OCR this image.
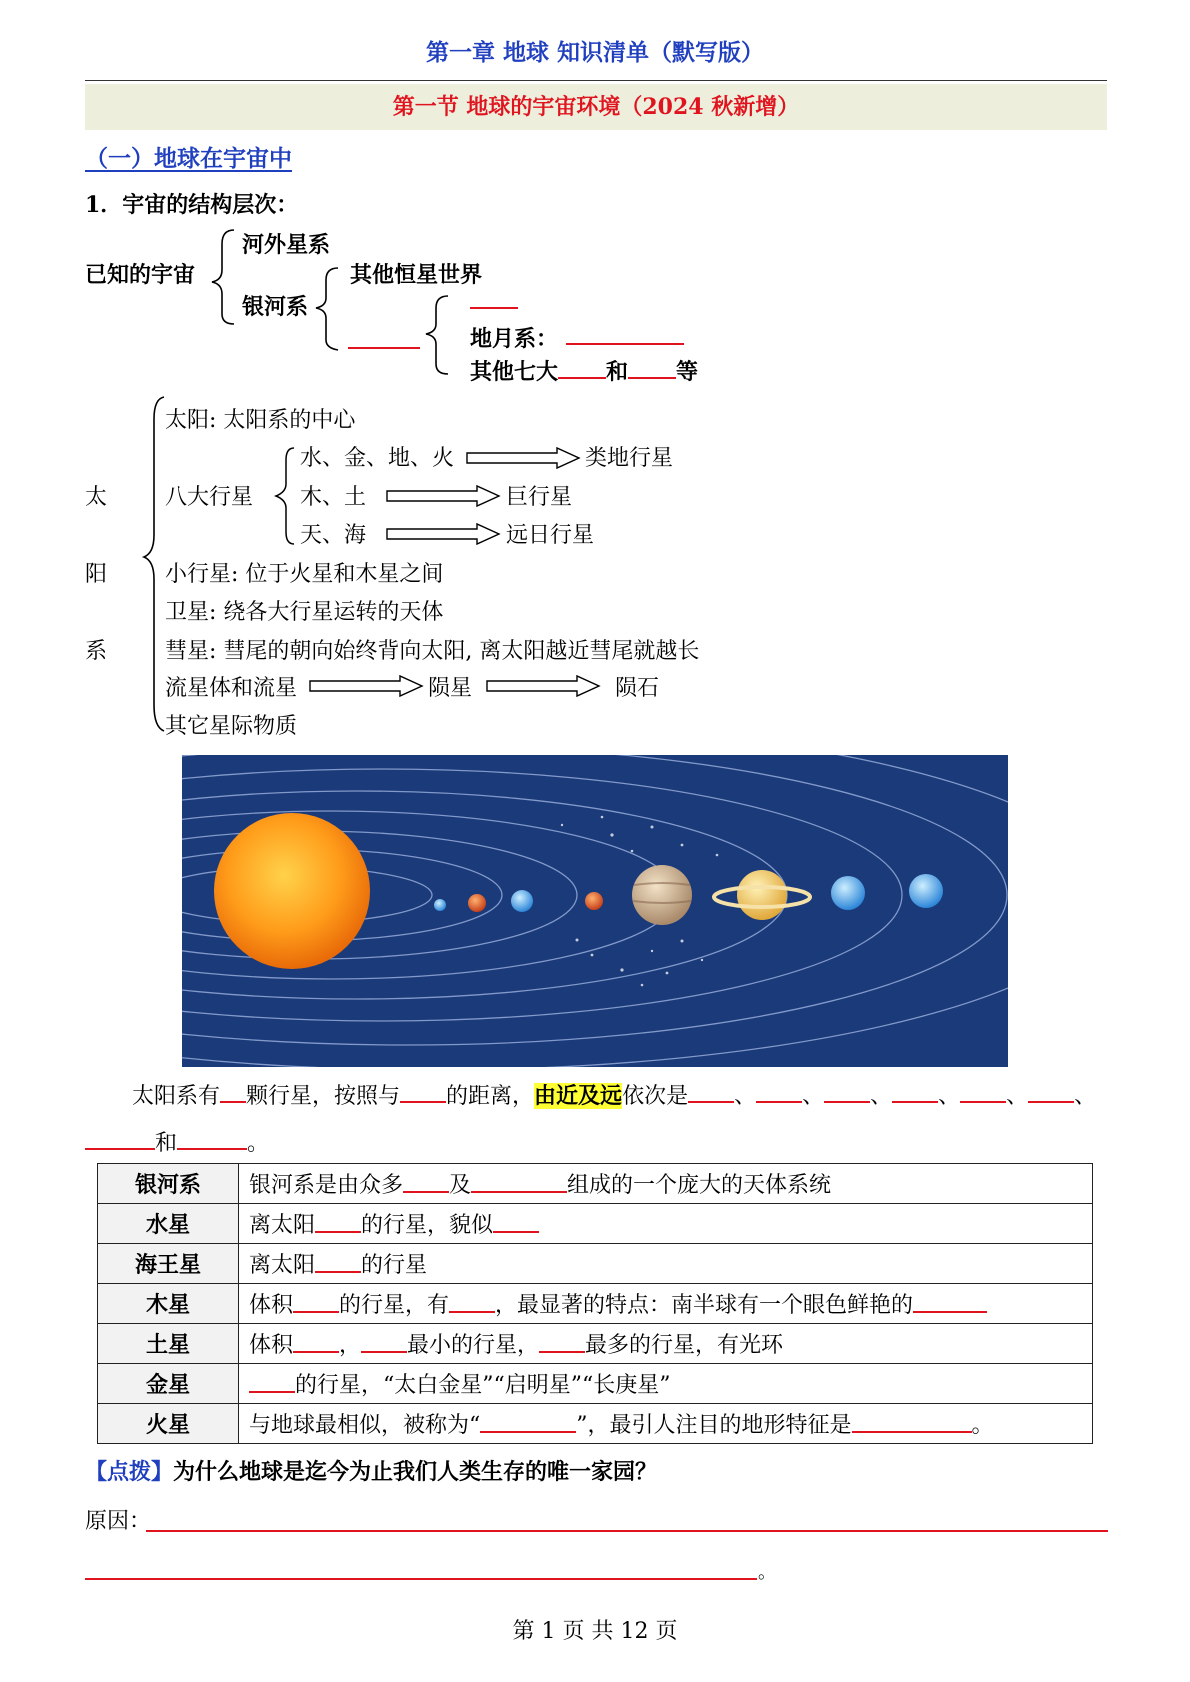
第一章 地球 知识清单（默写版）
第一节 地球的宇宙环境（2024 秋新增）
（一）地球在宇宙中
1．宇宙的结构层次：
已知的宇宙
河外星系
银河系
其他恒星世界
地月系：
其他七大 和 等
太
阳
系
太阳: 太阳系的中心
八大行星
水、金、地、火
木、土
天、海
类地行星
巨行星
远日行星
小行星: 位于火星和木星之间
卫星: 绕各大行星运转的天体
彗星: 彗尾的朝向始终背向太阳, 离太阳越近彗尾就越长
流星体和流星	陨星	陨石
其它星际物质
太阳系有 颗行星，按照与 的距离，由近及远依次是 、 、 、 、 、 、
和	。
银河系	银河系是由众多 及 组成的一个庞大的天体系统
水星	离太阳 的行星，貌似
海王星	离太阳 的行星
木星	体积 的行星，有 ，最显著的特点：南半球有一个眼色鲜艳的
土星	体积 ， 最小的行星， 最多的行星，有光环
金星	的行星，“太白金星”“启明星”“长庚星”
火星	与地球最相似，被称为“ ”，最引人注目的地形特征是 。
【点拨】为什么地球是迄今为止我们人类生存的唯一家园？
原因：
。
第 1 页 共 12 页
